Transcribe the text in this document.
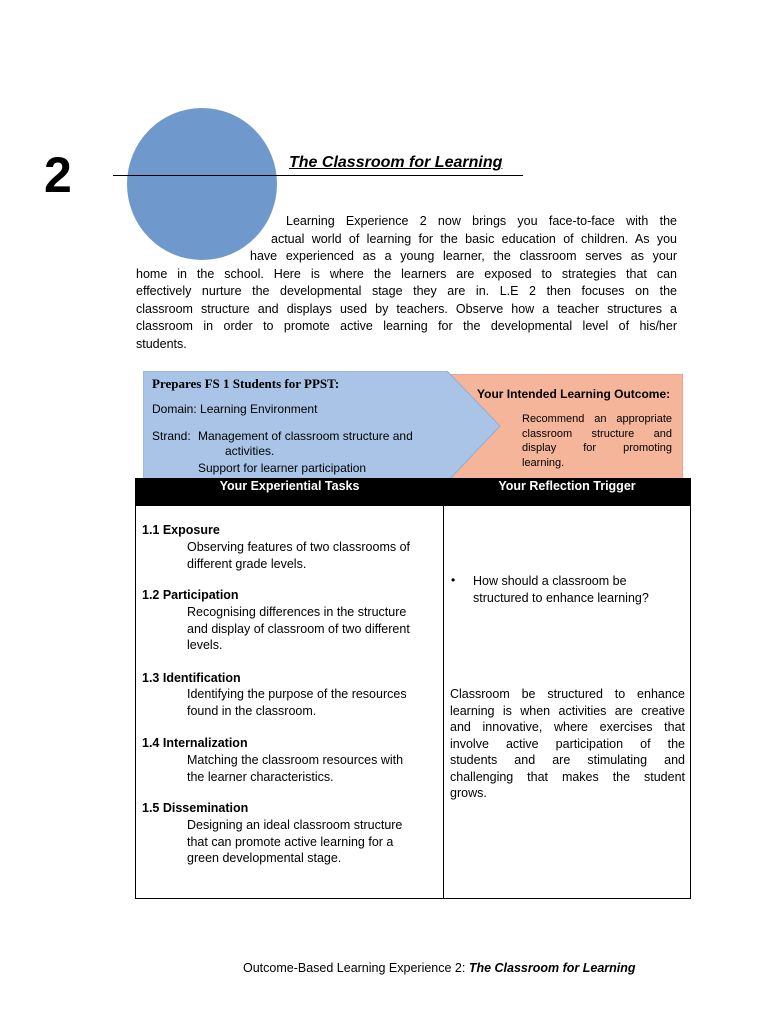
2	The Classroom for Learning
Learning Experience 2 now brings you face-to-face with the
actual world of learning for the basic education of children. As you
have experienced as a young learner, the classroom serves as your
home in the school. Here is where the learners are exposed to strategies that can
effectively nurture the developmental stage they are in. L.E 2 then focuses on the
classroom structure and displays used by teachers. Observe how a teacher structures a
classroom in order to promote active learning for the developmental level of his/her
students.
Your Intended Learning Outcome:
Recommend an appropriate
classroom structure and
display for promoting
learning.
Prepares FS 1 Students for PPST:
Domain: Learning Environment
Strand: Management of classroom structure and
activities.
Support for learner participation
Your Experiential Tasks	Your Reflection Trigger
1.1 Exposure
Observing features of two classrooms of
different grade levels.
1.2 Participation
Recognising differences in the structure
and display of classroom of two different
levels.
1.3 Identification
Identifying the purpose of the resources
found in the classroom.
1.4 Internalization
Matching the classroom resources with
the learner characteristics.
1.5 Dissemination
Designing an ideal classroom structure
that can promote active learning for a
green developmental stage.
• How should a classroom be
structured to enhance learning?
Classroom be structured to enhance
learning is when activities are creative
and innovative, where exercises that
involve active participation of the
students and are stimulating and
challenging that makes the student
grows.
Outcome-Based Learning Experience 2: The Classroom for Learning
